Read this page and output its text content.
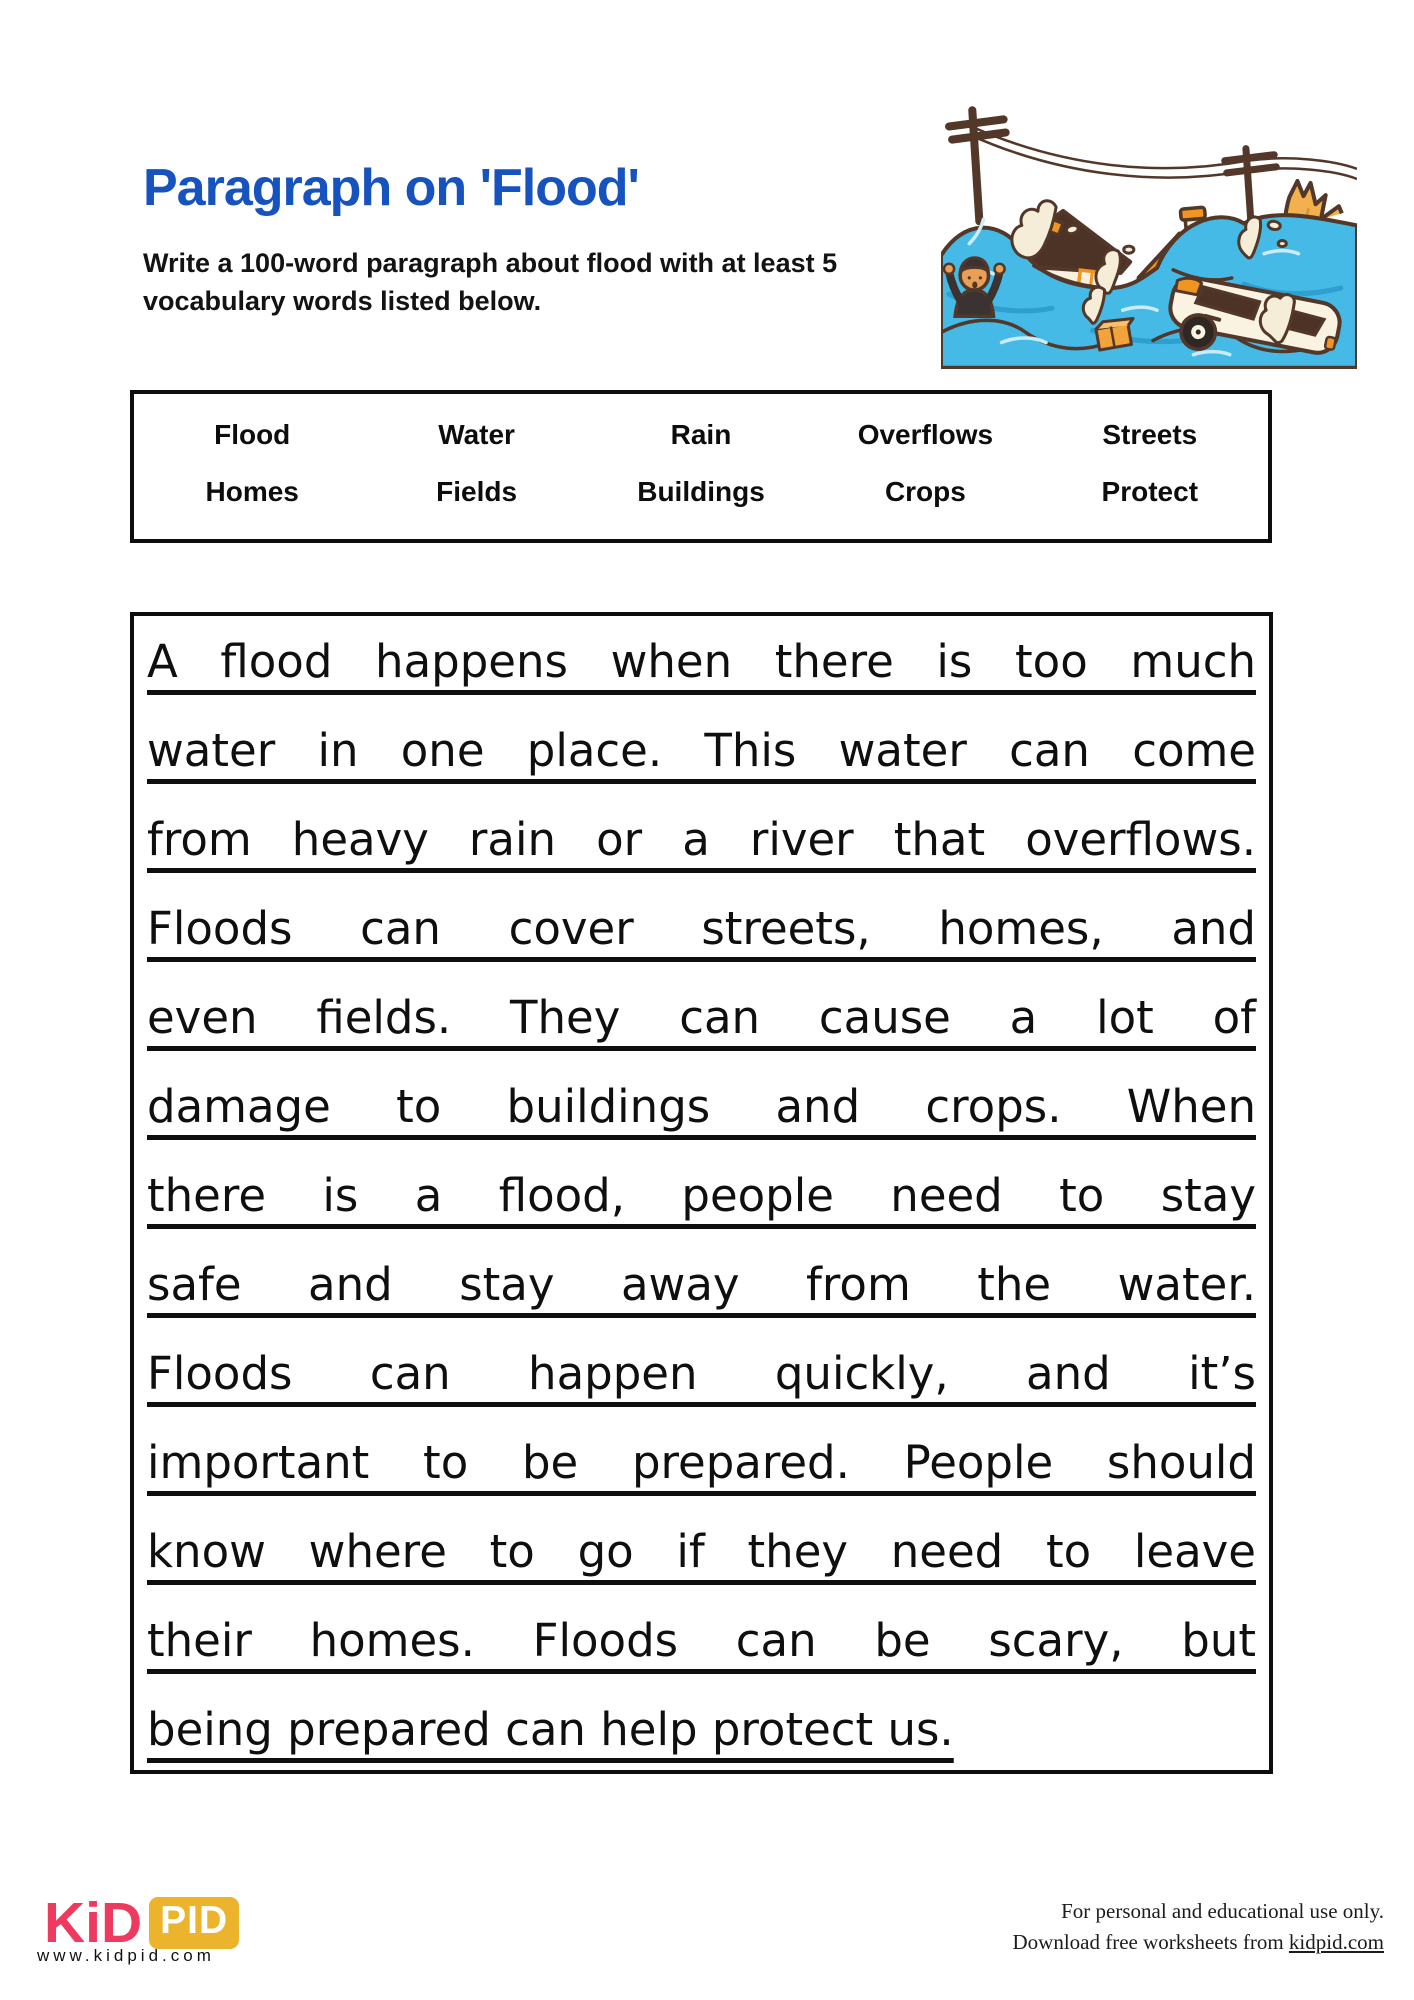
Paragraph on 'Flood'
Write a 100-word paragraph about flood with at least 5
vocabulary words listed below.
Flood	Water	Rain	Overflows	Streets
Homes	Fields	Buildings	Crops	Protect
A flood happens when there is too much
water in one place. This water can come
from heavy rain or a river that overflows.
Floods can cover streets, homes, and
even fields. They can cause a lot of
damage to buildings and crops. When
there is a flood, people need to stay
safe and stay away from the water.
Floods can happen quickly, and it’s
important to be prepared. People should
know where to go if they need to leave
their homes. Floods can be scary, but
being prepared can help protect us.
KiD PID
www.kidpid.com
For personal and educational use only.
Download free worksheets from kidpid.com
